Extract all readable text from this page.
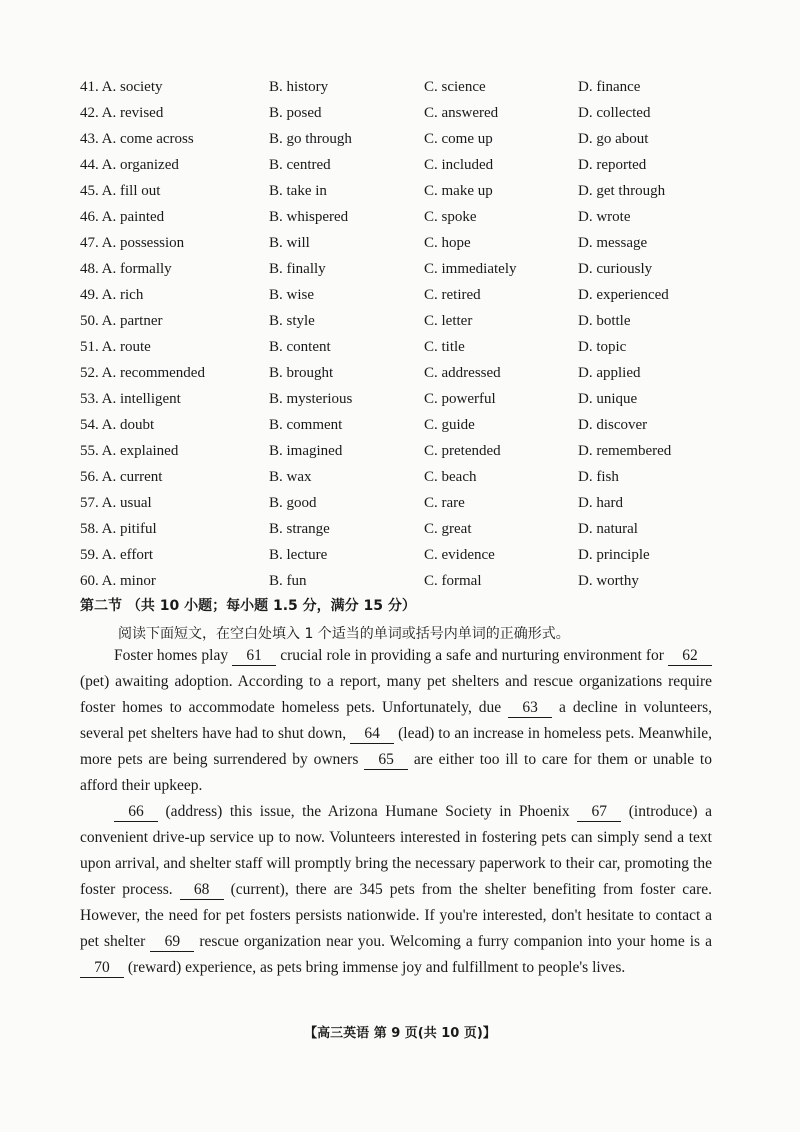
41. A. society	B. history	C. science	D. finance
42. A. revised	B. posed	C. answered	D. collected
43. A. come across	B. go through	C. come up	D. go about
44. A. organized	B. centred	C. included	D. reported
45. A. fill out	B. take in	C. make up	D. get through
46. A. painted	B. whispered	C. spoke	D. wrote
47. A. possession	B. will	C. hope	D. message
48. A. formally	B. finally	C. immediately	D. curiously
49. A. rich	B. wise	C. retired	D. experienced
50. A. partner	B. style	C. letter	D. bottle
51. A. route	B. content	C. title	D. topic
52. A. recommended	B. brought	C. addressed	D. applied
53. A. intelligent	B. mysterious	C. powerful	D. unique
54. A. doubt	B. comment	C. guide	D. discover
55. A. explained	B. imagined	C. pretended	D. remembered
56. A. current	B. wax	C. beach	D. fish
57. A. usual	B. good	C. rare	D. hard
58. A. pitiful	B. strange	C. great	D. natural
59. A. effort	B. lecture	C. evidence	D. principle
60. A. minor	B. fun	C. formal	D. worthy
第二节 （共 10 小题；每小题 1.5 分，满分 15 分）
阅读下面短文，在空白处填入 1 个适当的单词或括号内单词的正确形式。

Foster homes play 61 crucial role in providing a safe and nurturing environment for 62 (pet) awaiting adoption. According to a report, many pet shelters and rescue organizations require foster homes to accommodate homeless pets. Unfortunately, due 63 a decline in volunteers, several pet shelters have had to shut down, 64 (lead) to an increase in homeless pets. Meanwhile, more pets are being surrendered by owners 65 are either too ill to care for them or unable to afford their upkeep.

66 (address) this issue, the Arizona Humane Society in Phoenix 67 (introduce) a convenient drive-up service up to now. Volunteers interested in fostering pets can simply send a text upon arrival, and shelter staff will promptly bring the necessary paperwork to their car, promoting the foster process. 68 (current), there are 345 pets from the shelter benefiting from foster care. However, the need for pet fosters persists nationwide. If you're interested, don't hesitate to contact a pet shelter 69 rescue organization near you. Welcoming a furry companion into your home is a 70 (reward) experience, as pets bring immense joy and fulfillment to people's lives.

【高三英语 第 9 页(共 10 页)】
